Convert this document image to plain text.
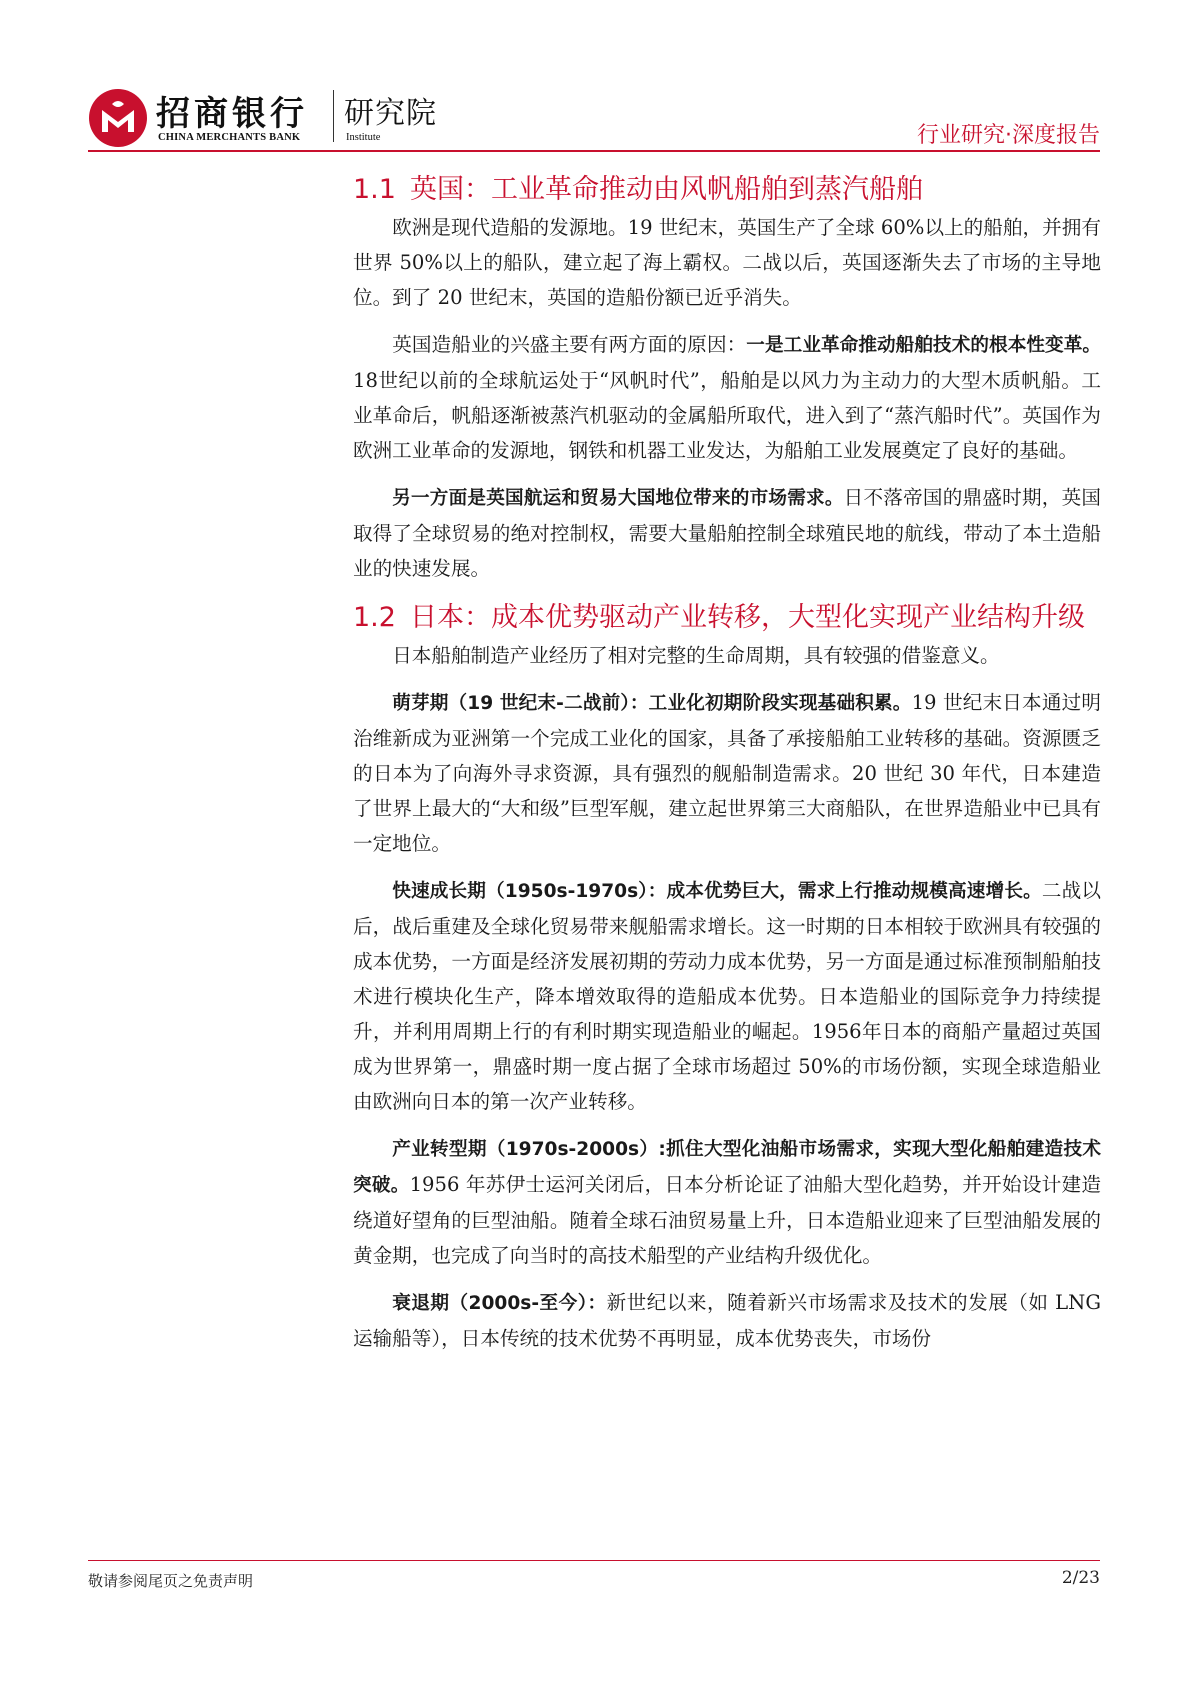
招商银行
CHINA MERCHANTS BANK
研究院
Institute	行业研究·深度报告
1.1 英国：工业革命推动由风帆船舶到蒸汽船舶

欧洲是现代造船的发源地。19 世纪末，英国生产了全球 60%以上的船舶，并拥有世界 50%以上的船队，建立起了海上霸权。二战以后，英国逐渐失去了市场的主导地位。到了 20 世纪末，英国的造船份额已近乎消失。

英国造船业的兴盛主要有两方面的原因：一是工业革命推动船舶技术的根本性变革。18世纪以前的全球航运处于“风帆时代”，船舶是以风力为主动力的大型木质帆船。工业革命后，帆船逐渐被蒸汽机驱动的金属船所取代，进入到了“蒸汽船时代”。英国作为欧洲工业革命的发源地，钢铁和机器工业发达，为船舶工业发展奠定了良好的基础。

另一方面是英国航运和贸易大国地位带来的市场需求。日不落帝国的鼎盛时期，英国取得了全球贸易的绝对控制权，需要大量船舶控制全球殖民地的航线，带动了本土造船业的快速发展。

1.2 日本：成本优势驱动产业转移，大型化实现产业结构升级

日本船舶制造产业经历了相对完整的生命周期，具有较强的借鉴意义。

萌芽期（19 世纪末-二战前）：工业化初期阶段实现基础积累。19 世纪末日本通过明治维新成为亚洲第一个完成工业化的国家，具备了承接船舶工业转移的基础。资源匮乏的日本为了向海外寻求资源，具有强烈的舰船制造需求。20 世纪 30 年代，日本建造了世界上最大的“大和级”巨型军舰，建立起世界第三大商船队，在世界造船业中已具有一定地位。

快速成长期（1950s-1970s）：成本优势巨大，需求上行推动规模高速增长。二战以后，战后重建及全球化贸易带来舰船需求增长。这一时期的日本相较于欧洲具有较强的成本优势，一方面是经济发展初期的劳动力成本优势，另一方面是通过标准预制船舶技术进行模块化生产，降本增效取得的造船成本优势。日本造船业的国际竞争力持续提升，并利用周期上行的有利时期实现造船业的崛起。1956年日本的商船产量超过英国成为世界第一，鼎盛时期一度占据了全球市场超过 50%的市场份额，实现全球造船业由欧洲向日本的第一次产业转移。

产业转型期（1970s-2000s）:抓住大型化油船市场需求，实现大型化船舶建造技术突破。1956 年苏伊士运河关闭后，日本分析论证了油船大型化趋势，并开始设计建造绕道好望角的巨型油船。随着全球石油贸易量上升，日本造船业迎来了巨型油船发展的黄金期，也完成了向当时的高技术船型的产业结构升级优化。

衰退期（2000s-至今）：新世纪以来，随着新兴市场需求及技术的发展（如 LNG 运输船等），日本传统的技术优势不再明显，成本优势丧失，市场份

敬请参阅尾页之免责声明	2/23
